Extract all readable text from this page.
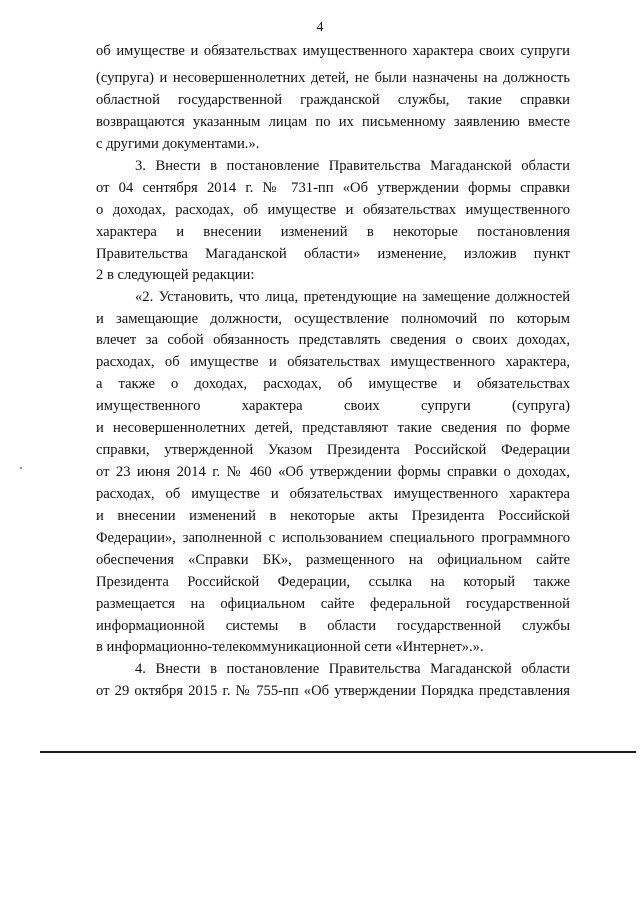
4
об имуществе и обязательствах имущественного характера своих супруги
(супруга) и несовершеннолетних детей, не были назначены на должность
областной государственной гражданской службы, такие справки
возвращаются указанным лицам по их письменному заявлению вместе
с другими документами.».
3. Внести в постановление Правительства Магаданской области
от 04 сентября 2014 г. № 731-пп «Об утверждении формы справки
о доходах, расходах, об имуществе и обязательствах имущественного
характера и внесении изменений в некоторые постановления
Правительства Магаданской области» изменение, изложив пункт
2 в следующей редакции:
«2. Установить, что лица, претендующие на замещение должностей
и замещающие должности, осуществление полномочий по которым
влечет за собой обязанность представлять сведения о своих доходах,
расходах, об имуществе и обязательствах имущественного характера,
а также о доходах, расходах, об имуществе и обязательствах
имущественного характера своих супруги (супруга)
и несовершеннолетних детей, представляют такие сведения по форме
справки, утвержденной Указом Президента Российской Федерации
от 23 июня 2014 г. № 460 «Об утверждении формы справки о доходах,
расходах, об имуществе и обязательствах имущественного характера
и внесении изменений в некоторые акты Президента Российской
Федерации», заполненной с использованием специального программного
обеспечения «Справки БК», размещенного на официальном сайте
Президента Российской Федерации, ссылка на который также
размещается на официальном сайте федеральной государственной
информационной системы в области государственной службы
в информационно-телекоммуникационной сети «Интернет».».
4. Внести в постановление Правительства Магаданской области
от 29 октября 2015 г. № 755-пп «Об утверждении Порядка представления
